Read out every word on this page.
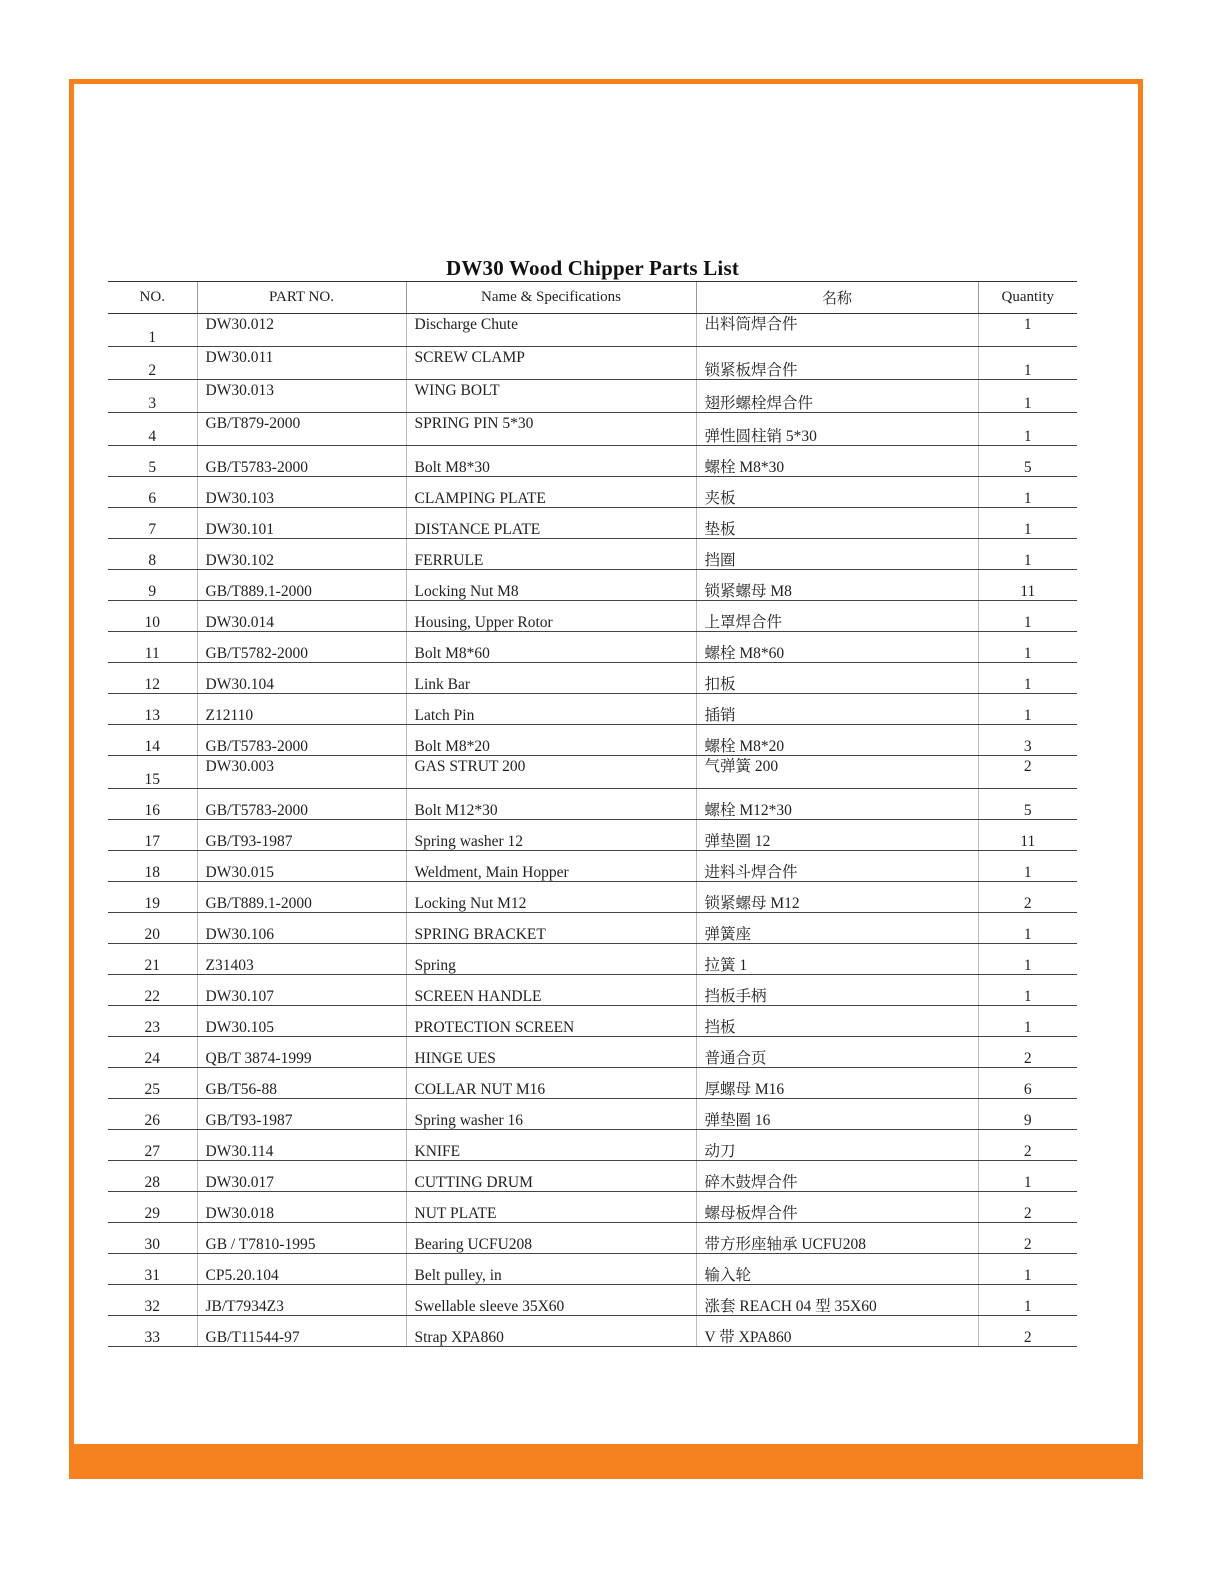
DW30 Wood Chipper Parts List
NO.	PART NO.	Name & Specifications	名称	Quantity
1	DW30.012	Discharge Chute	出料筒焊合件	1
2	DW30.011	SCREW CLAMP	锁紧板焊合件	1
3	DW30.013	WING BOLT	翅形螺栓焊合件	1
4	GB/T879-2000	SPRING PIN 5*30	弹性圆柱销 5*30	1
5	GB/T5783-2000	Bolt M8*30	螺栓 M8*30	5
6	DW30.103	CLAMPING PLATE	夹板	1
7	DW30.101	DISTANCE PLATE	垫板	1
8	DW30.102	FERRULE	挡圈	1
9	GB/T889.1-2000	Locking Nut M8	锁紧螺母 M8	11
10	DW30.014	Housing, Upper Rotor	上罩焊合件	1
11	GB/T5782-2000	Bolt M8*60	螺栓 M8*60	1
12	DW30.104	Link Bar	扣板	1
13	Z12110	Latch Pin	插销	1
14	GB/T5783-2000	Bolt M8*20	螺栓 M8*20	3
15	DW30.003	GAS STRUT 200	气弹簧 200	2
16	GB/T5783-2000	Bolt M12*30	螺栓 M12*30	5
17	GB/T93-1987	Spring washer 12	弹垫圈 12	11
18	DW30.015	Weldment, Main Hopper	进料斗焊合件	1
19	GB/T889.1-2000	Locking Nut M12	锁紧螺母 M12	2
20	DW30.106	SPRING BRACKET	弹簧座	1
21	Z31403	Spring	拉簧 1	1
22	DW30.107	SCREEN HANDLE	挡板手柄	1
23	DW30.105	PROTECTION SCREEN	挡板	1
24	QB/T 3874-1999	HINGE UES	普通合页	2
25	GB/T56-88	COLLAR NUT M16	厚螺母 M16	6
26	GB/T93-1987	Spring washer 16	弹垫圈 16	9
27	DW30.114	KNIFE	动刀	2
28	DW30.017	CUTTING DRUM	碎木鼓焊合件	1
29	DW30.018	NUT PLATE	螺母板焊合件	2
30	GB / T7810-1995	Bearing UCFU208	带方形座轴承 UCFU208	2
31	CP5.20.104	Belt pulley, in	输入轮	1
32	JB/T7934Z3	Swellable sleeve 35X60	涨套 REACH 04 型 35X60	1
33	GB/T11544-97	Strap XPA860	V 带 XPA860	2
